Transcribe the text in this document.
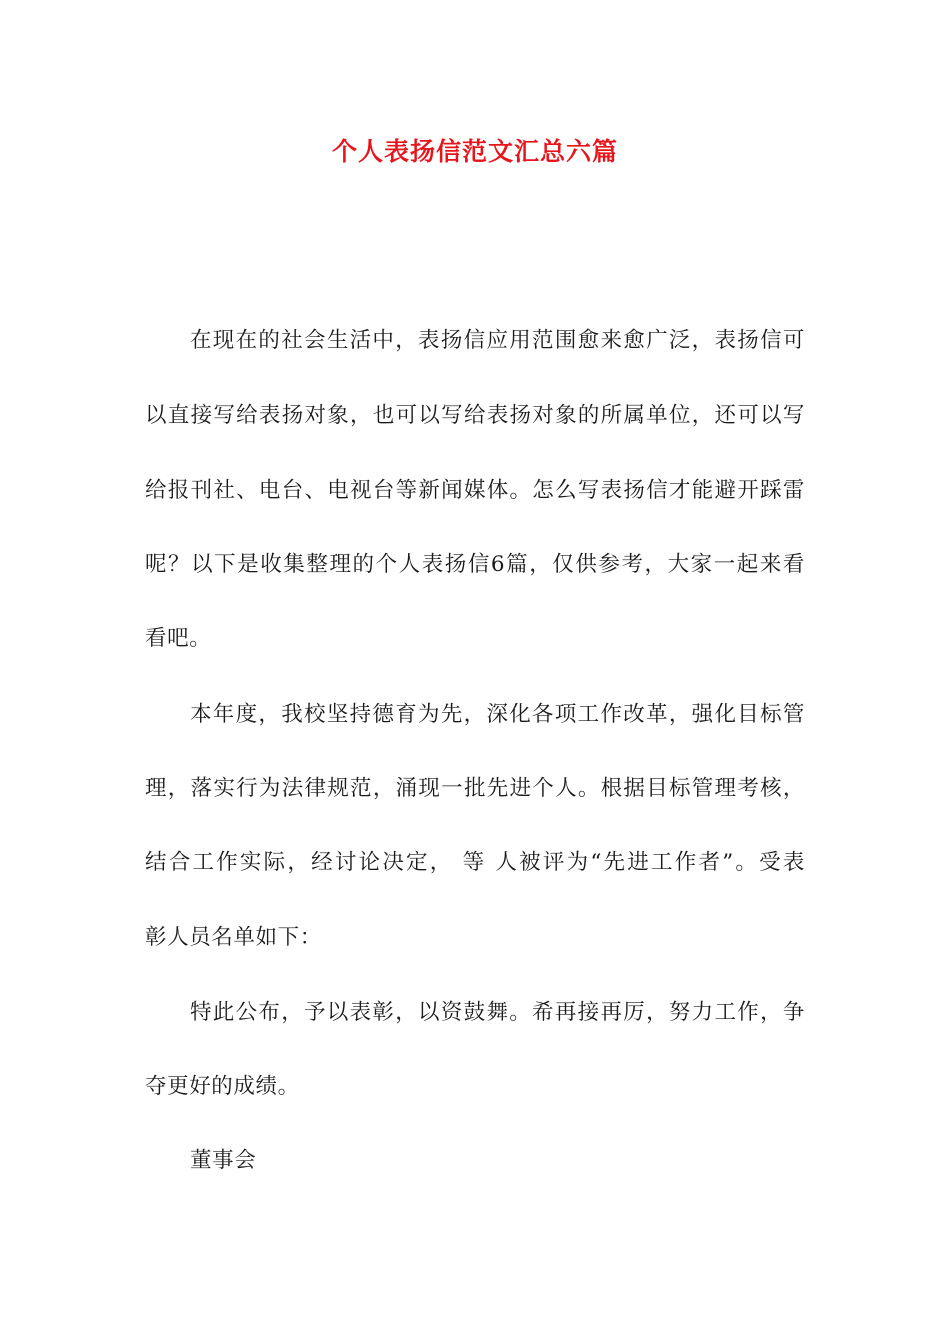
个人表扬信范文汇总六篇
在现在的社会生活中，表扬信应用范围愈来愈广泛，表扬信可
以直接写给表扬对象，也可以写给表扬对象的所属单位，还可以写
给报刊社、电台、电视台等新闻媒体。怎么写表扬信才能避开踩雷
呢？以下是收集整理的个人表扬信6篇，仅供参考，大家一起来看
看吧。
本年度，我校坚持德育为先，深化各项工作改革，强化目标管
理，落实行为法律规范，涌现一批先进个人。根据目标管理考核，
结合工作实际，经讨论决定， 等 人被评为“先进工作者”。受表
彰人员名单如下：
特此公布，予以表彰，以资鼓舞。希再接再厉，努力工作，争
夺更好的成绩。
董事会
